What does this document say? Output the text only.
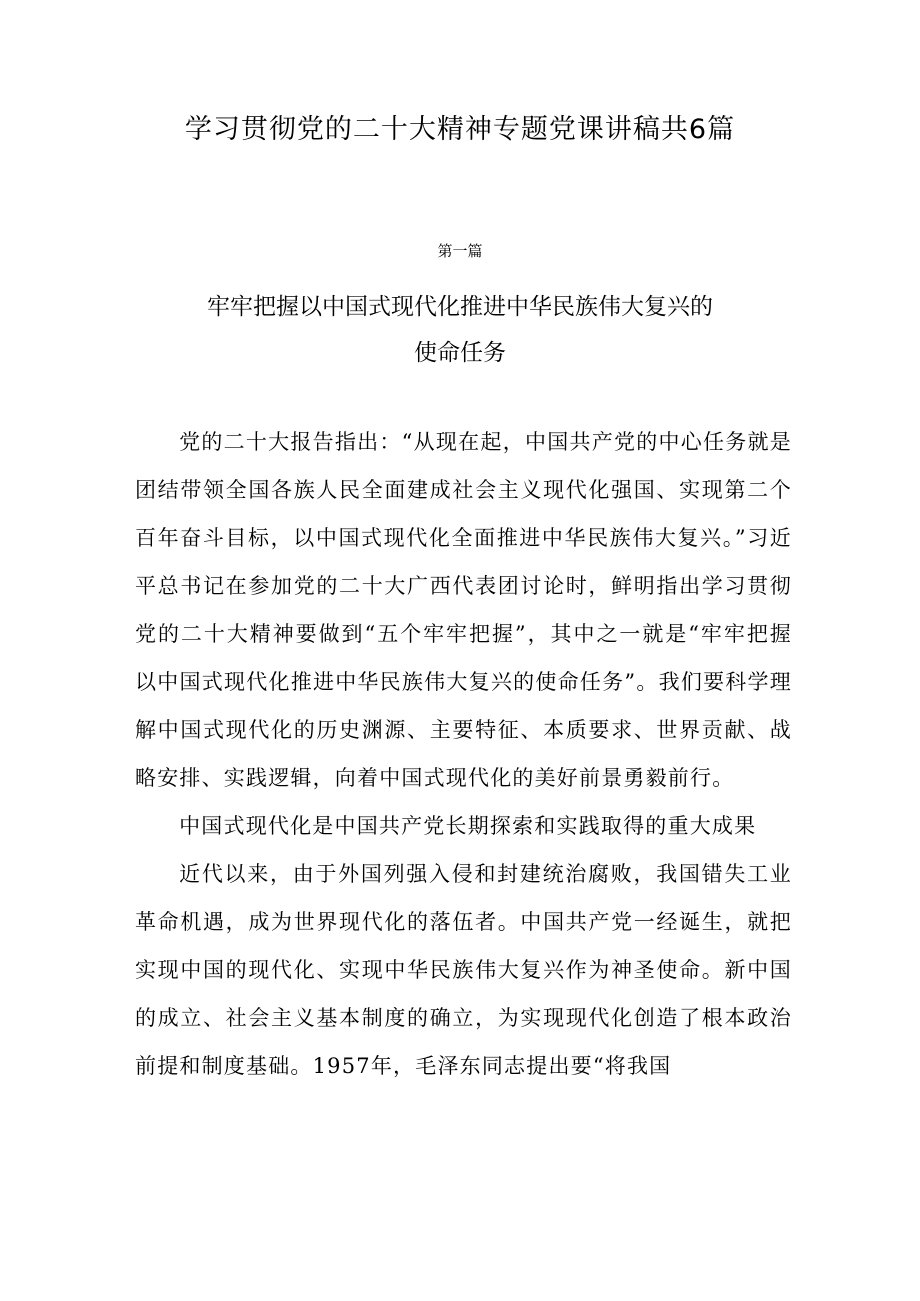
学习贯彻党的二十大精神专题党课讲稿共6篇
第一篇
牢牢把握以中国式现代化推进中华民族伟大复兴的
使命任务

党的二十大报告指出：“从现在起，中国共产党的中心任务就是团结带领全国各族人民全面建成社会主义现代化强国、实现第二个百年奋斗目标，以中国式现代化全面推进中华民族伟大复兴。”习近平总书记在参加党的二十大广西代表团讨论时，鲜明指出学习贯彻党的二十大精神要做到“五个牢牢把握”，其中之一就是“牢牢把握以中国式现代化推进中华民族伟大复兴的使命任务”。我们要科学理解中国式现代化的历史渊源、主要特征、本质要求、世界贡献、战略安排、实践逻辑，向着中国式现代化的美好前景勇毅前行。

中国式现代化是中国共产党长期探索和实践取得的重大成果

近代以来，由于外国列强入侵和封建统治腐败，我国错失工业革命机遇，成为世界现代化的落伍者。中国共产党一经诞生，就把实现中国的现代化、实现中华民族伟大复兴作为神圣使命。新中国的成立、社会主义基本制度的确立，为实现现代化创造了根本政治前提和制度基础。1957年，毛泽东同志提出要“将我国
